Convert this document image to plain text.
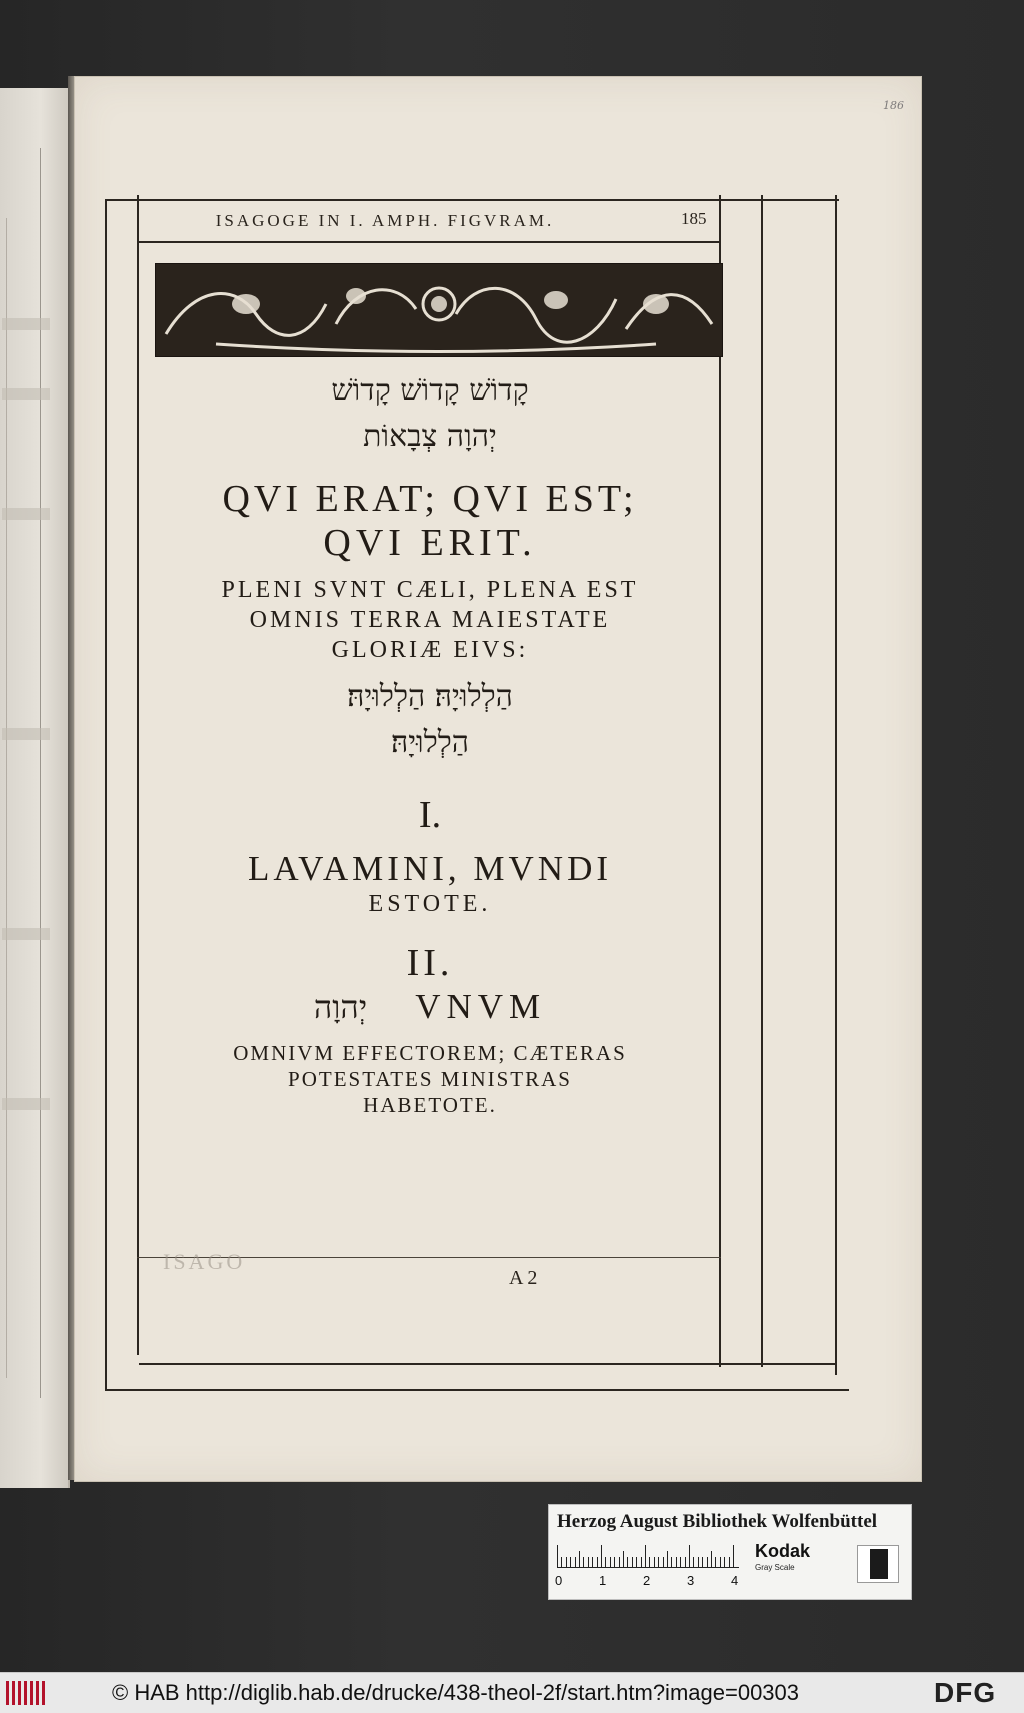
186
ISAGOGE IN I. AMPH. FIGVRAM.	185
קָדוֹשׁ קָדוֹשׁ קָדוֹשׁ
יְהוָה צְבָאוֹת
QVI ERAT; QVI EST;
QVI ERIT.
PLENI SVNT CÆLI, PLENA EST
OMNIS TERRA MAIESTATE
GLORIÆ EIVS:
הַלְלוּיָהּ׃ הַלְלוּיָהּ׃
הַלְלוּיָהּ׃
I.
LAVAMINI, MVNDI
ESTOTE.
II.
יְהוָה VNVM
OMNIVM EFFECTOREM; CÆTERAS
POTESTATES MINISTRAS
HABETOTE.
ISAGO
A 2
Herzog August Bibliothek Wolfenbüttel
0	1	2	3	4
Kodak
Gray Scale
© HAB http://diglib.hab.de/drucke/438-theol-2f/start.htm?image=00303	DFG
